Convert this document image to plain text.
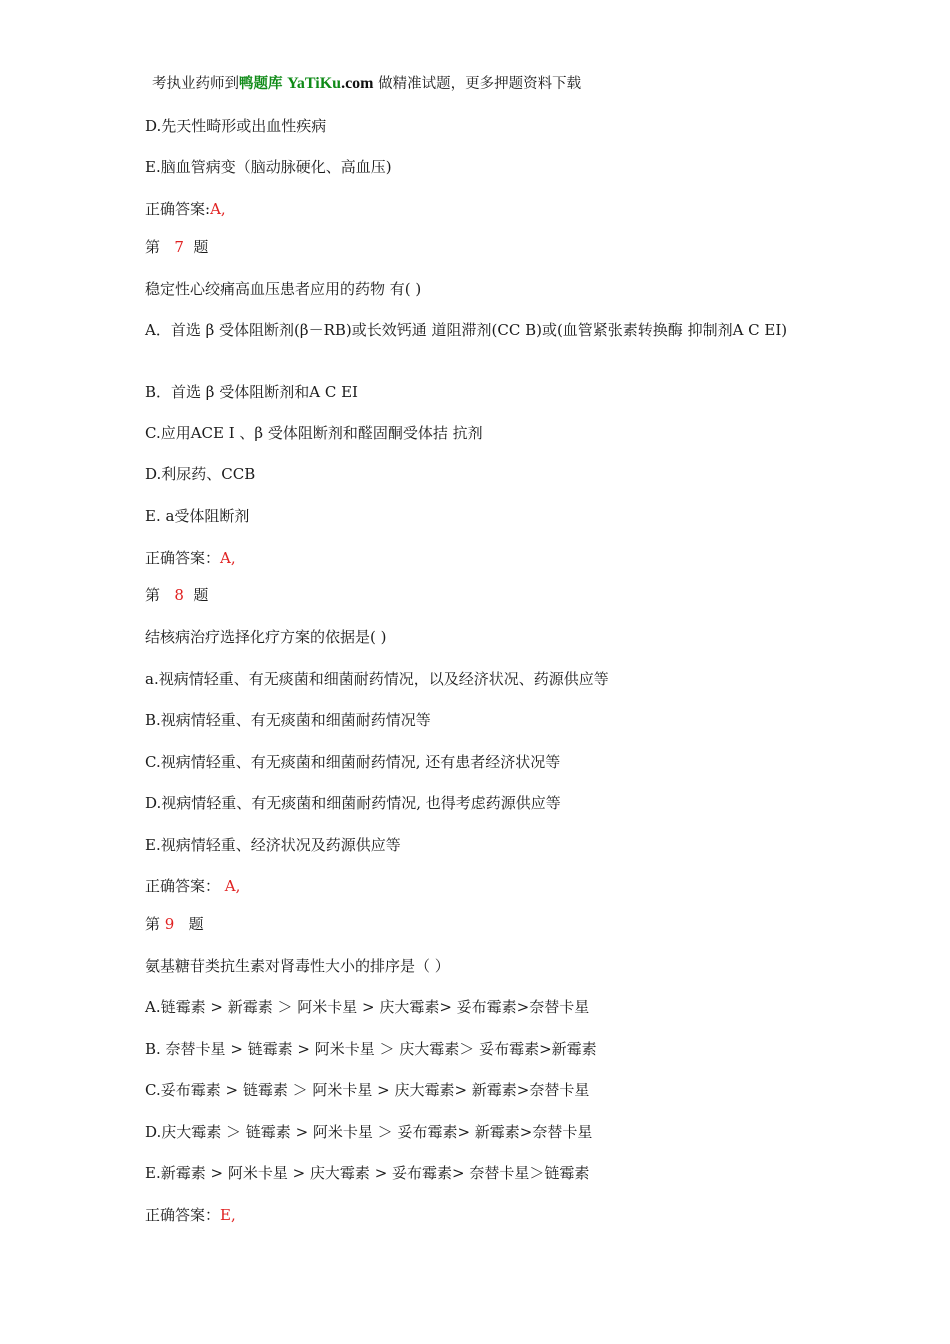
考执业药师到鸭题库 YaTiKu.com 做精准试题，更多押题资料下载
D.先天性畸形或出血性疾病
E.脑血管病变（脑动脉硬化、高血压)
正确答案:A,
第 7 题
稳定性心绞痛高血压患者应用的药物 有( )
A．首选 β 受体阻断剂(β－RB)或长效钙通 道阻滞剂(CC B)或(血管紧张素转换酶 抑制剂A C EI)
B．首选 β 受体阻断剂和A C EI
C.应用ACE Ⅰ 、β 受体阻断剂和醛固酮受体拮 抗剂
D.利尿药、CCB
E. a受体阻断剂
正确答案：A,
第 8 题
结核病治疗选择化疗方案的依据是( )
a.视病情轻重、有无痰菌和细菌耐药情况，以及经济状况、药源供应等
B.视病情轻重、有无痰菌和细菌耐药情况等
C.视病情轻重、有无痰菌和细菌耐药情况, 还有患者经济状况等
D.视病情轻重、有无痰菌和细菌耐药情况, 也得考虑药源供应等
E.视病情轻重、经济状况及药源供应等
正确答案： A,
第 9 题
氨基糖苷类抗生素对肾毒性大小的排序是（ ）
A.链霉素 > 新霉素 ＞ 阿米卡星 > 庆大霉素> 妥布霉素>奈替卡星
B. 奈替卡星 > 链霉素 > 阿米卡星 ＞ 庆大霉素＞ 妥布霉素>新霉素
C.妥布霉素 > 链霉素 ＞ 阿米卡星 > 庆大霉素> 新霉素>奈替卡星
D.庆大霉素 ＞ 链霉素 > 阿米卡星 ＞ 妥布霉素> 新霉素>奈替卡星
E.新霉素 > 阿米卡星 > 庆大霉素 > 妥布霉素> 奈替卡星＞链霉素
正确答案：E,
